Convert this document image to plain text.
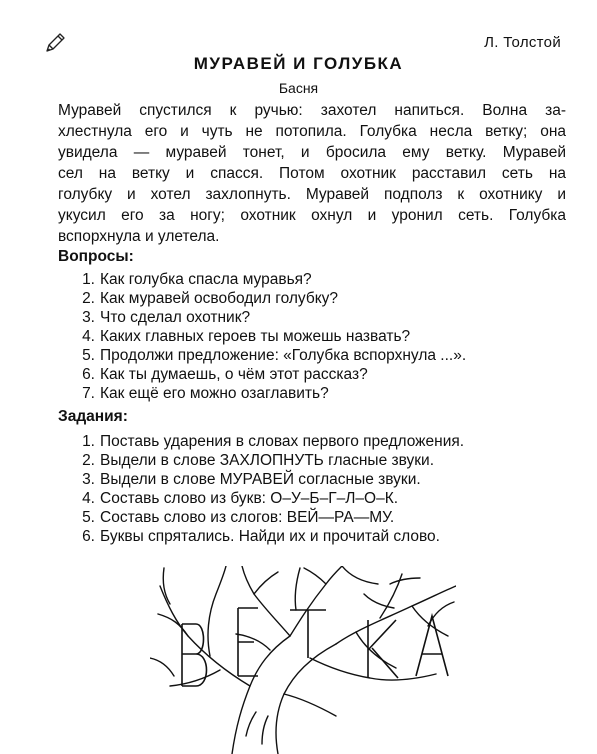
Л. Толстой
МУРАВЕЙ И ГОЛУБКА
Басня
Муравей спустился к ручью: захотел напиться. Волна за-
хлестнула его и чуть не потопила. Голубка несла ветку; она
увидела — муравей тонет, и бросила ему ветку. Муравей
сел на ветку и спасся. Потом охотник расставил сеть на
голубку и хотел захлопнуть. Муравей подполз к охотнику и
укусил его за ногу; охотник охнул и уронил сеть. Голубка
вспорхнула и улетела.
Вопросы:
1. Как голубка спасла муравья?
2. Как муравей освободил голубку?
3. Что сделал охотник?
4. Каких главных героев ты можешь назвать?
5. Продолжи предложение: «Голубка вспорхнула ...».
6. Как ты думаешь, о чём этот рассказ?
7. Как ещё его можно озаглавить?
Задания:
1. Поставь ударения в словах первого предложения.
2. Выдели в слове ЗАХЛОПНУТЬ гласные звуки.
3. Выдели в слове МУРАВЕЙ согласные звуки.
4. Составь слово из букв: О–У–Б–Г–Л–О–К.
5. Составь слово из слогов: ВЕЙ—РА—МУ.
6. Буквы спрятались. Найди их и прочитай слово.
